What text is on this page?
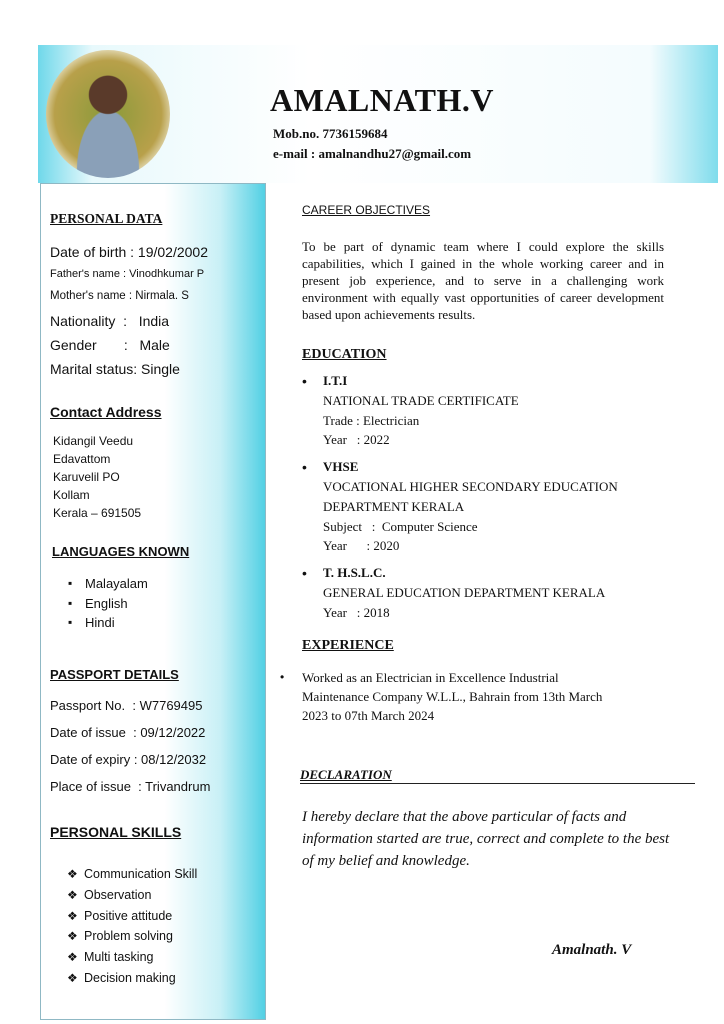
AMALNATH.V
Mob.no. 7736159684
e-mail : amalnandhu27@gmail.com
PERSONAL DATA
Date of birth : 19/02/2002
Father's name : Vinodhkumar P
Mother's name : Nirmala. S
Nationality  :   India
Gender       :   Male
Marital status: Single
Contact Address
Kidangil Veedu
Edavattom
Karuvelil PO
Kollam
Kerala – 691505
LANGUAGES KNOWN
▪ Malayalam
▪ English
▪ Hindi
PASSPORT DETAILS
Passport No.  : W7769495
Date of issue  : 09/12/2022
Date of expiry : 08/12/2032
Place of issue  : Trivandrum
PERSONAL SKILLS
❖ Communication Skill
❖ Observation
❖ Positive attitude
❖ Problem solving
❖ Multi tasking
❖ Decision making
CAREER OBJECTIVES
To be part of dynamic team where I could explore the skills capabilities, which I gained in the whole working career and in present job experience, and to serve in a challenging work environment with equally vast opportunities of career development based upon achievements results.
EDUCATION
• I.T.I
NATIONAL TRADE CERTIFICATE
Trade : Electrician
Year   : 2022
• VHSE
VOCATIONAL HIGHER SECONDARY EDUCATION
DEPARTMENT KERALA
Subject   :  Computer Science
Year      : 2020
• T. H.S.L.C.
GENERAL EDUCATION DEPARTMENT KERALA
Year   : 2018
EXPERIENCE
• Worked as an Electrician in Excellence Industrial
Maintenance Company W.L.L., Bahrain from 13th March
2023 to 07th March 2024
DECLARATION
I hereby declare that the above particular of facts and information started are true, correct and complete to the best of my belief and knowledge.
Amalnath. V
